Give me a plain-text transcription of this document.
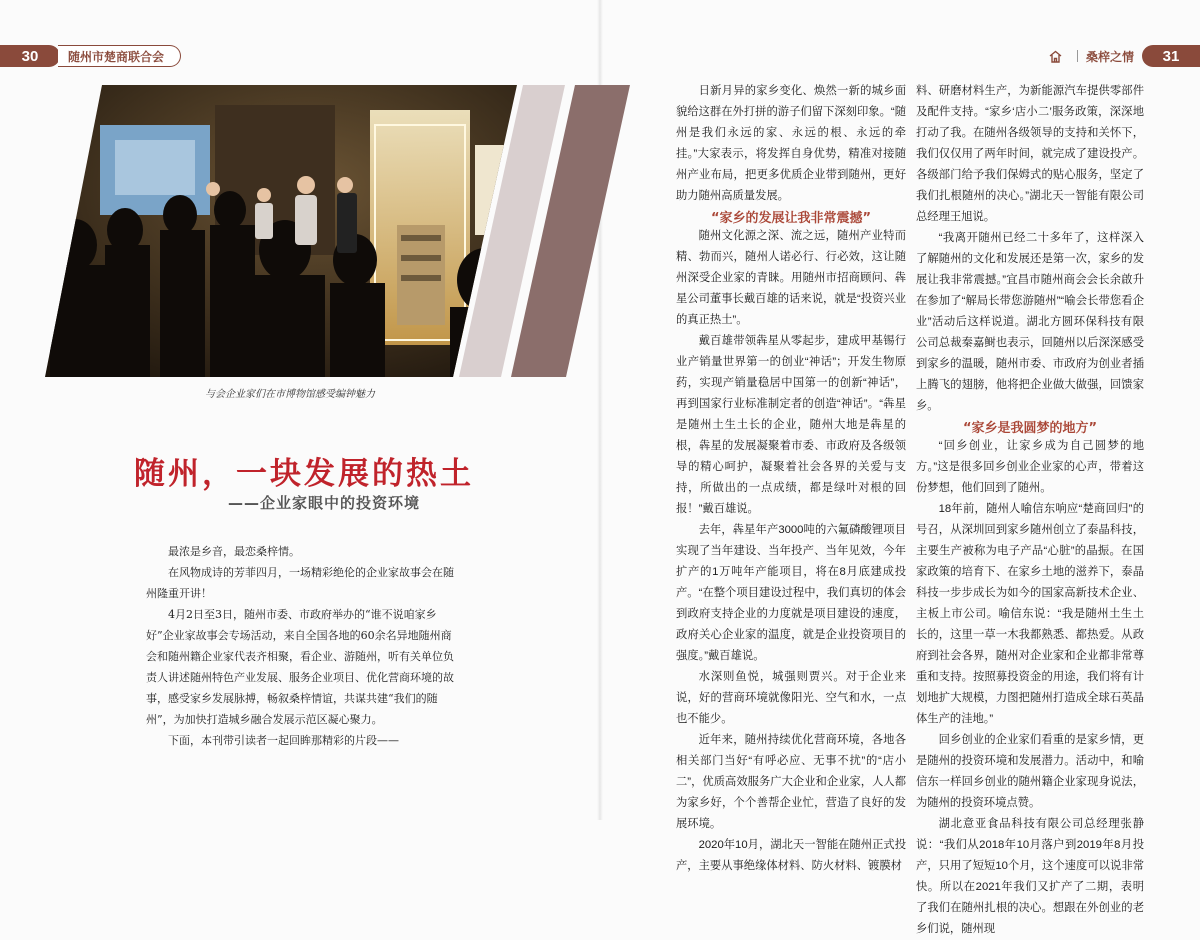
30	随州市楚商联合会	桑梓之情	31
与会企业家们在市博物馆感受编钟魅力
随州，一块发展的热土
——企业家眼中的投资环境

最浓是乡音，最恋桑梓情。

在风物成诗的芳菲四月，一场精彩绝伦的企业家故事会在随州隆重开讲！

4月2日至3日，随州市委、市政府举办的“谁不说咱家乡好”企业家故事会专场活动，来自全国各地的60余名异地随州商会和随州籍企业家代表齐相聚，看企业、游随州，听有关单位负责人讲述随州特色产业发展、服务企业项目、优化营商环境的故事，感受家乡发展脉搏，畅叙桑梓情谊，共谋共建“我们的随州”，为加快打造城乡融合发展示范区凝心聚力。

下面，本刊带引读者一起回眸那精彩的片段——

日新月异的家乡变化、焕然一新的城乡面貌给这群在外打拼的游子们留下深刻印象。“随州是我们永远的家、永远的根、永远的牵挂。”大家表示，将发挥自身优势，精准对接随州产业布局，把更多优质企业带到随州，更好助力随州高质量发展。

“家乡的发展让我非常震撼”

随州文化源之深、流之远，随州产业特而精、勃而兴，随州人诺必行、行必效，这让随州深受企业家的青睐。用随州市招商顾问、犇星公司董事长戴百雄的话来说，就是“投资兴业的真正热土”。

戴百雄带领犇星从零起步，建成甲基锡行业产销量世界第一的创业“神话”；开发生物原药，实现产销量稳居中国第一的创新“神话”，再到国家行业标准制定者的创造“神话”。“犇星是随州土生土长的企业，随州大地是犇星的根，犇星的发展凝聚着市委、市政府及各级领导的精心呵护，凝聚着社会各界的关爱与支持，所做出的一点成绩，都是绿叶对根的回报！”戴百雄说。

去年，犇星年产3000吨的六氟磷酸锂项目实现了当年建设、当年投产、当年见效，今年扩产的1万吨年产能项目，将在8月底建成投产。“在整个项目建设过程中，我们真切的体会到政府支持企业的力度就是项目建设的速度，政府关心企业家的温度，就是企业投资项目的强度。”戴百雄说。

水深则鱼悦，城强则贾兴。对于企业来说，好的营商环境就像阳光、空气和水，一点也不能少。

近年来，随州持续优化营商环境，各地各相关部门当好“有呼必应、无事不扰”的“店小二”，优质高效服务广大企业和企业家，人人都为家乡好，个个善帮企业忙，营造了良好的发展环境。

2020年10月，湖北天一智能在随州正式投产，主要从事绝缘体材料、防火材料、镀膜材

料、研磨材料生产，为新能源汽车提供零部件及配件支持。“家乡‘店小二’服务政策，深深地打动了我。在随州各级领导的支持和关怀下，我们仅仅用了两年时间，就完成了建设投产。各级部门给予我们保姆式的贴心服务，坚定了我们扎根随州的决心。”湖北天一智能有限公司总经理王旭说。

“我离开随州已经二十多年了，这样深入了解随州的文化和发展还是第一次，家乡的发展让我非常震撼。”宜昌市随州商会会长余啟升在参加了“解局长带您游随州”“喻会长带您看企业”活动后这样说道。湖北方圆环保科技有限公司总裁秦嘉鲥也表示，回随州以后深深感受到家乡的温暖，随州市委、市政府为创业者插上腾飞的翅膀，他将把企业做大做强，回馈家乡。

“家乡是我圆梦的地方”

“回乡创业，让家乡成为自己圆梦的地方。”这是很多回乡创业企业家的心声，带着这份梦想，他们回到了随州。

18年前，随州人喻信东响应“楚商回归”的号召，从深圳回到家乡随州创立了泰晶科技，主要生产被称为电子产品“心脏”的晶振。在国家政策的培育下、在家乡土地的滋养下，泰晶科技一步步成长为如今的国家高新技术企业、主板上市公司。喻信东说：“我是随州土生土长的，这里一草一木我都熟悉、都热爱。从政府到社会各界，随州对企业家和企业都非常尊重和支持。按照募投资金的用途，我们将有计划地扩大规模，力图把随州打造成全球石英晶体生产的洼地。”

回乡创业的企业家们看重的是家乡情，更是随州的投资环境和发展潜力。活动中，和喻信东一样回乡创业的随州籍企业家现身说法，为随州的投资环境点赞。

湖北意亚食品科技有限公司总经理张静说：“我们从2018年10月落户到2019年8月投产，只用了短短10个月，这个速度可以说非常快。所以在2021年我们又扩产了二期，表明了我们在随州扎根的决心。想跟在外创业的老乡们说，随州现
